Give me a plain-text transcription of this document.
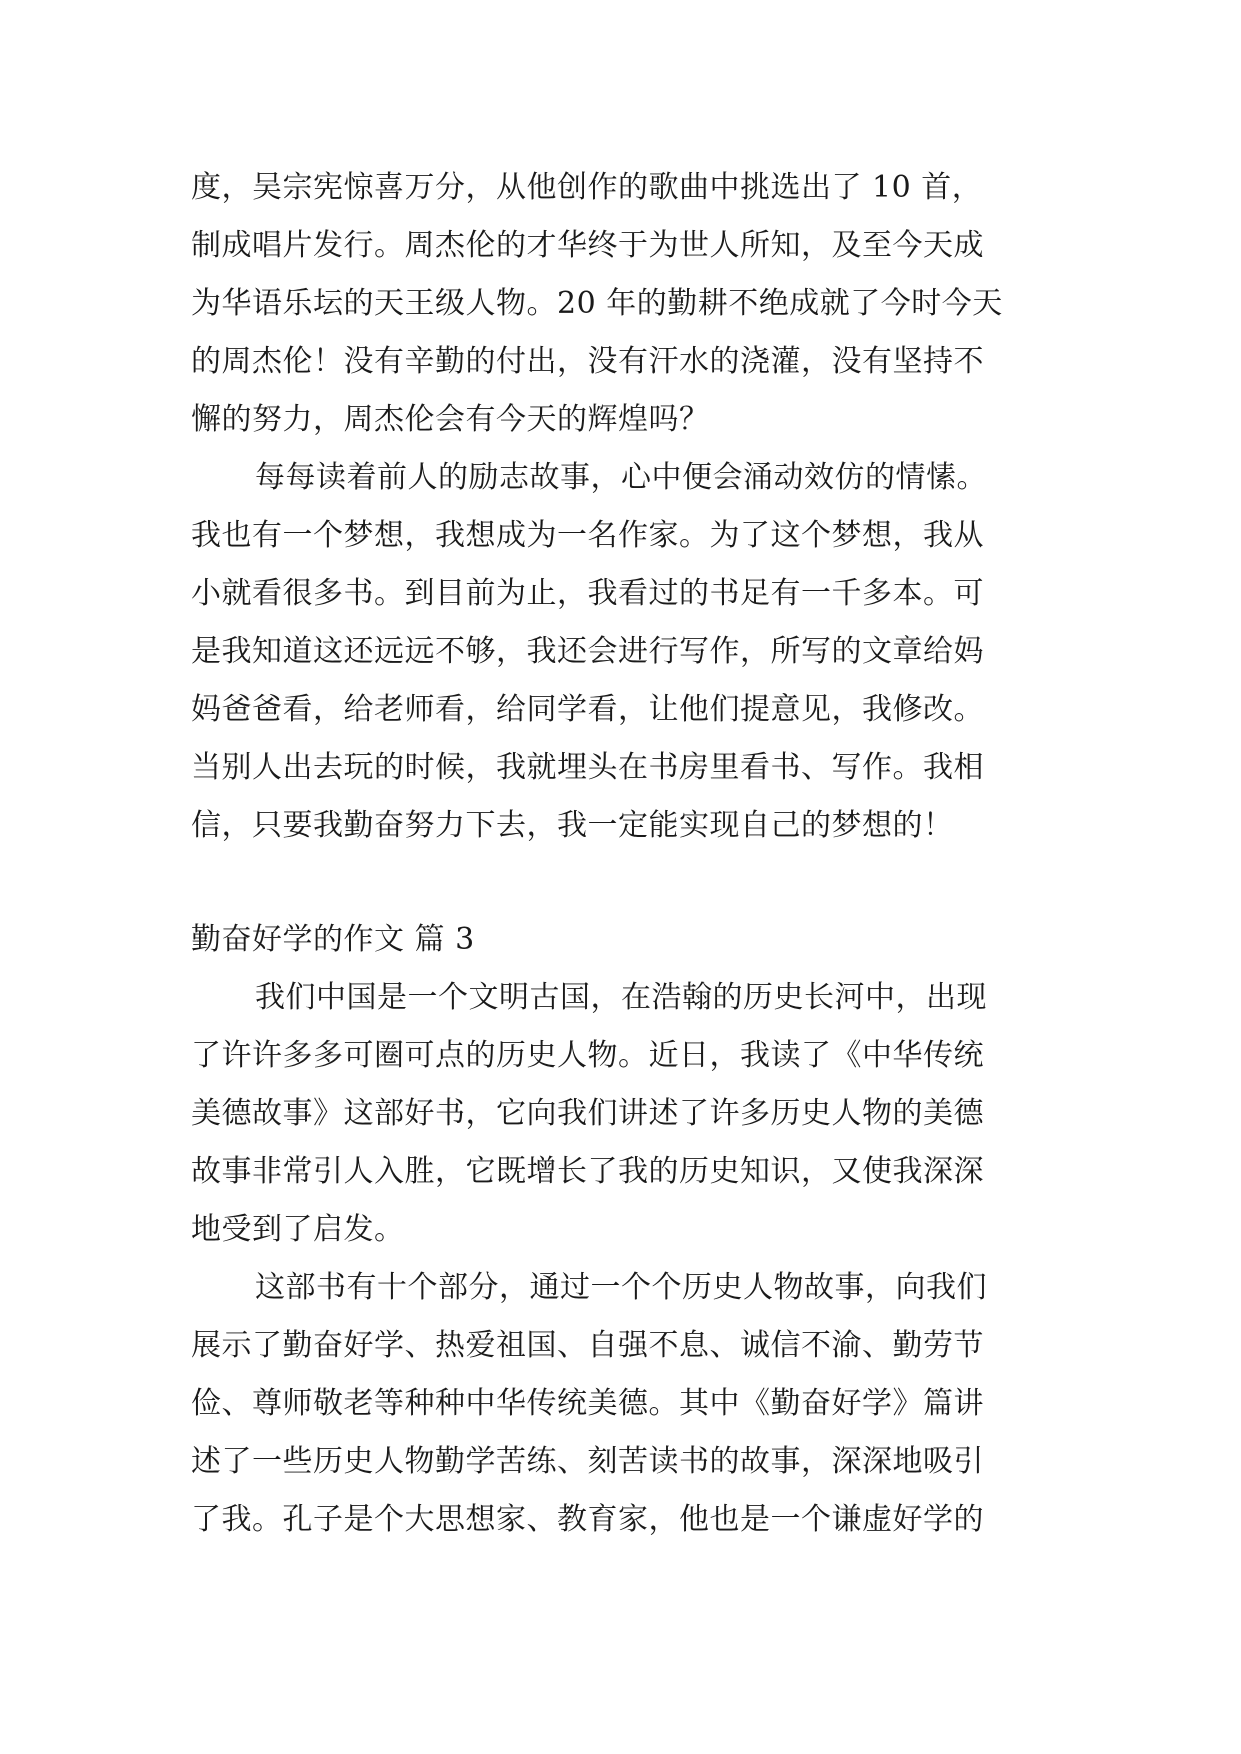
度，吴宗宪惊喜万分，从他创作的歌曲中挑选出了 10 首，
制成唱片发行。周杰伦的才华终于为世人所知，及至今天成
为华语乐坛的天王级人物。20 年的勤耕不绝成就了今时今天
的周杰伦！没有辛勤的付出，没有汗水的浇灌，没有坚持不
懈的努力，周杰伦会有今天的辉煌吗？
每每读着前人的励志故事，心中便会涌动效仿的情愫。
我也有一个梦想，我想成为一名作家。为了这个梦想，我从
小就看很多书。到目前为止，我看过的书足有一千多本。可
是我知道这还远远不够，我还会进行写作，所写的文章给妈
妈爸爸看，给老师看，给同学看，让他们提意见，我修改。
当别人出去玩的时候，我就埋头在书房里看书、写作。我相
信，只要我勤奋努力下去，我一定能实现自己的梦想的！
勤奋好学的作文 篇 3
我们中国是一个文明古国，在浩翰的历史长河中，出现
了许许多多可圈可点的历史人物。近日，我读了《中华传统
美德故事》这部好书，它向我们讲述了许多历史人物的美德
故事非常引人入胜，它既增长了我的历史知识，又使我深深
地受到了启发。
这部书有十个部分，通过一个个历史人物故事，向我们
展示了勤奋好学、热爱祖国、自强不息、诚信不渝、勤劳节
俭、尊师敬老等种种中华传统美德。其中《勤奋好学》篇讲
述了一些历史人物勤学苦练、刻苦读书的故事，深深地吸引
了我。孔子是个大思想家、教育家，他也是一个谦虚好学的
